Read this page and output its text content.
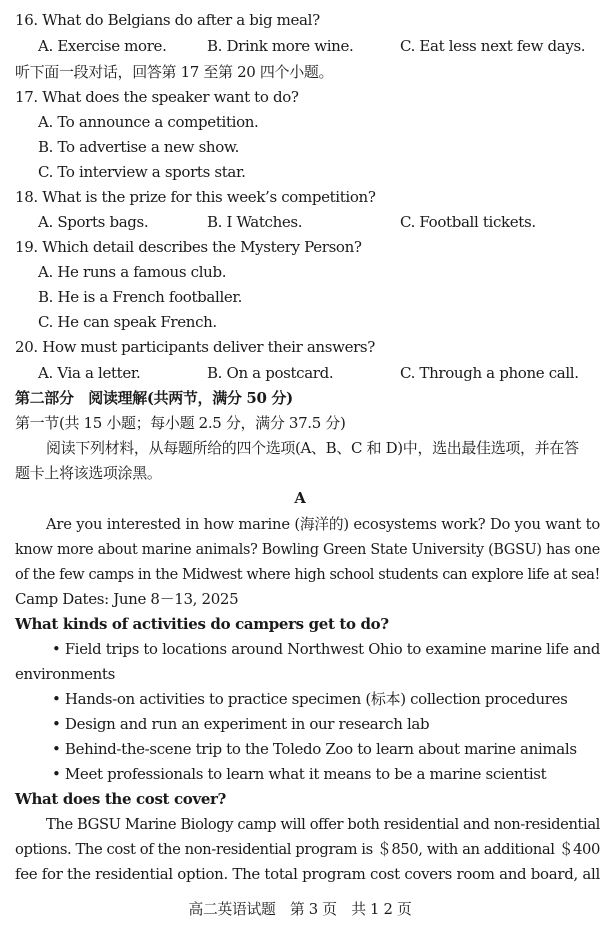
16. What do Belgians do after a big meal?
A. Exercise more.	B. Drink more wine.	C. Eat less next few days.
听下面一段对话，回答第 17 至第 20 四个小题。
17. What does the speaker want to do?
A. To announce a competition.
B. To advertise a new show.
C. To interview a sports star.
18. What is the prize for this week’s competition?
A. Sports bags.	B. I Watches.	C. Football tickets.
19. Which detail describes the Mystery Person?
A. He runs a famous club.
B. He is a French footballer.
C. He can speak French.
20. How must participants deliver their answers?
A. Via a letter.	B. On a postcard.	C. Through a phone call.
第二部分　阅读理解(共两节，满分 50 分)
第一节(共 15 小题；每小题 2.5 分，满分 37.5 分)
阅读下列材料，从每题所给的四个选项(A、B、C 和 D)中，选出最佳选项，并在答
题卡上将该选项涂黑。
A
Are you interested in how marine (海洋的) ecosystems work? Do you want to
know more about marine animals? Bowling Green State University (BGSU) has one
of the few camps in the Midwest where high school students can explore life at sea!
Camp Dates: June 8－13, 2025
What kinds of activities do campers get to do?
• Field trips to locations around Northwest Ohio to examine marine life and
environments
• Hands-on activities to practice specimen (标本) collection procedures
• Design and run an experiment in our research lab
• Behind-the-scene trip to the Toledo Zoo to learn about marine animals
• Meet professionals to learn what it means to be a marine scientist
What does the cost cover?
The BGSU Marine Biology camp will offer both residential and non-residential
options. The cost of the non-residential program is ＄850, with an additional ＄400
fee for the residential option. The total program cost covers room and board, all
高二英语试题　第 3 页　共 1 2 页
